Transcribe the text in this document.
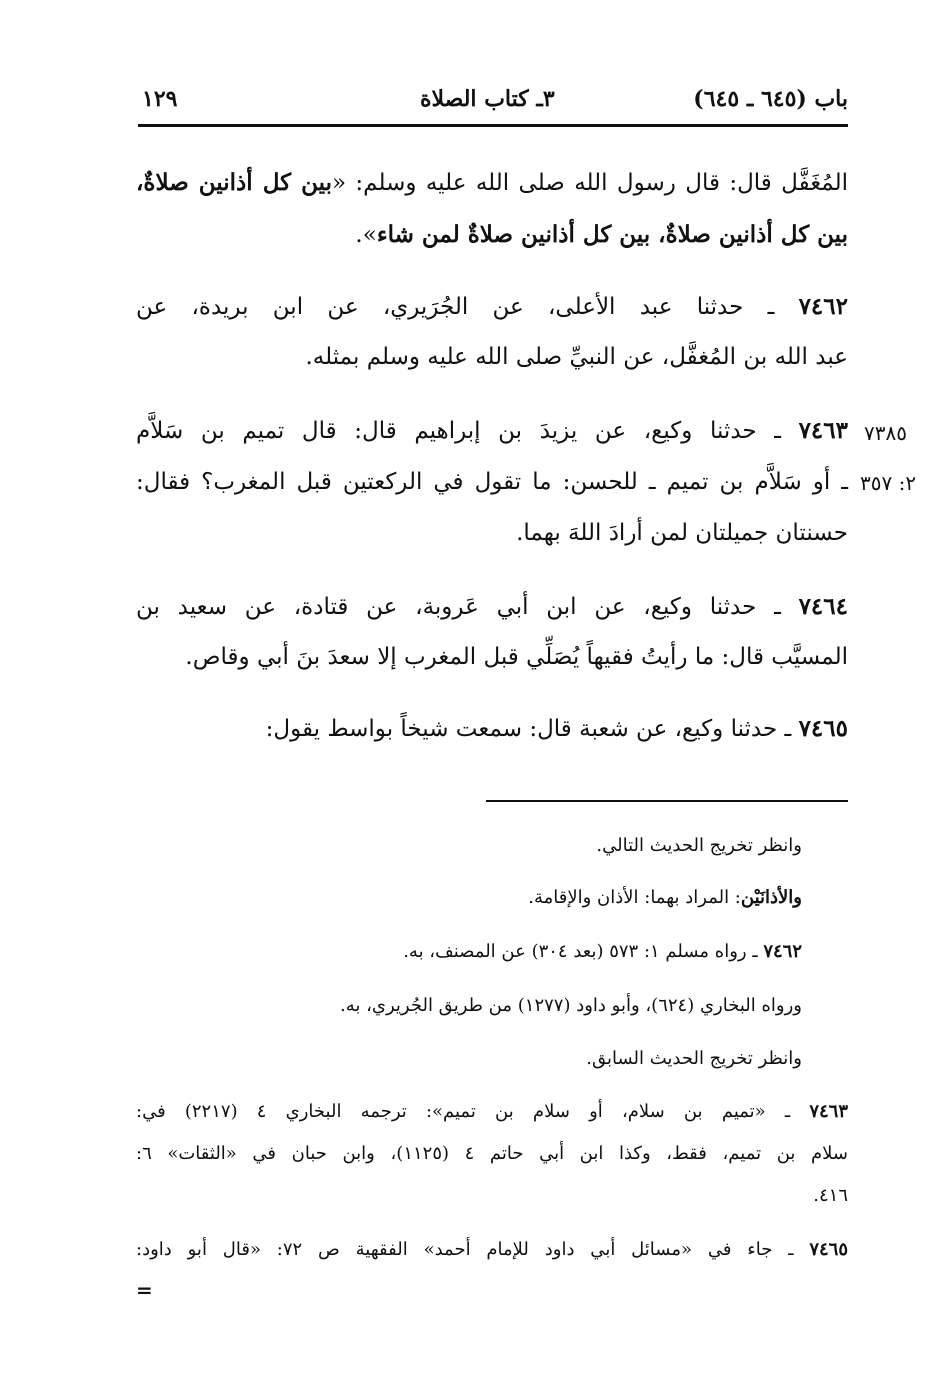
باب (٦٤٥ ـ ٦٤٥)
٣ـ كتاب الصلاة
١٢٩
المُغَفَّل قال: قال رسول الله صلى الله عليه وسلم: «بين كل أذانين صلاةٌ،
بين كل أذانين صلاةٌ، بين كل أذانين صلاةٌ لمن شاء».
٧٤٦٢ ـ حدثنا عبد الأعلى، عن الجُرَيري، عن ابن بريدة، عن
عبد الله بن المُغفَّل، عن النبيِّ صلى الله عليه وسلم بمثله.
٧٤٦٣ ـ حدثنا وكيع، عن يزيدَ بن إبراهيم قال: قال تميم بن سَلاَّم
ـ أو سَلاَّم بن تميم ـ للحسن: ما تقول في الركعتين قبل المغرب؟ فقال:
حسنتان جميلتان لمن أرادَ اللهَ بهما.
٧٣٨٥
٢: ٣٥٧
٧٤٦٤ ـ حدثنا وكيع، عن ابن أبي عَروبة، عن قتادة، عن سعيد بن
المسيَّب قال: ما رأيتُ فقيهاً يُصَلِّي قبل المغرب إلا سعدَ بنَ أبي وقاص.
٧٤٦٥ ـ حدثنا وكيع، عن شعبة قال: سمعت شيخاً بواسط يقول:
وانظر تخريج الحديث التالي.
والأذانَيْن: المراد بهما: الأذان والإقامة.
٧٤٦٢ ـ رواه مسلم ١: ٥٧٣ (بعد ٣٠٤) عن المصنف، به.
ورواه البخاري (٦٢٤)، وأبو داود (١٢٧٧) من طريق الجُريري، به.
وانظر تخريج الحديث السابق.
٧٤٦٣ ـ «تميم بن سلام، أو سلام بن تميم»: ترجمه البخاري ٤ (٢٢١٧) في:
سلام بن تميم، فقط، وكذا ابن أبي حاتم ٤ (١١٢٥)، وابن حبان في «الثقات» ٦:
٤١٦.
٧٤٦٥ ـ جاء في «مسائل أبي داود للإمام أحمد» الفقهية ص ٧٢: «قال أبو داود:
=
